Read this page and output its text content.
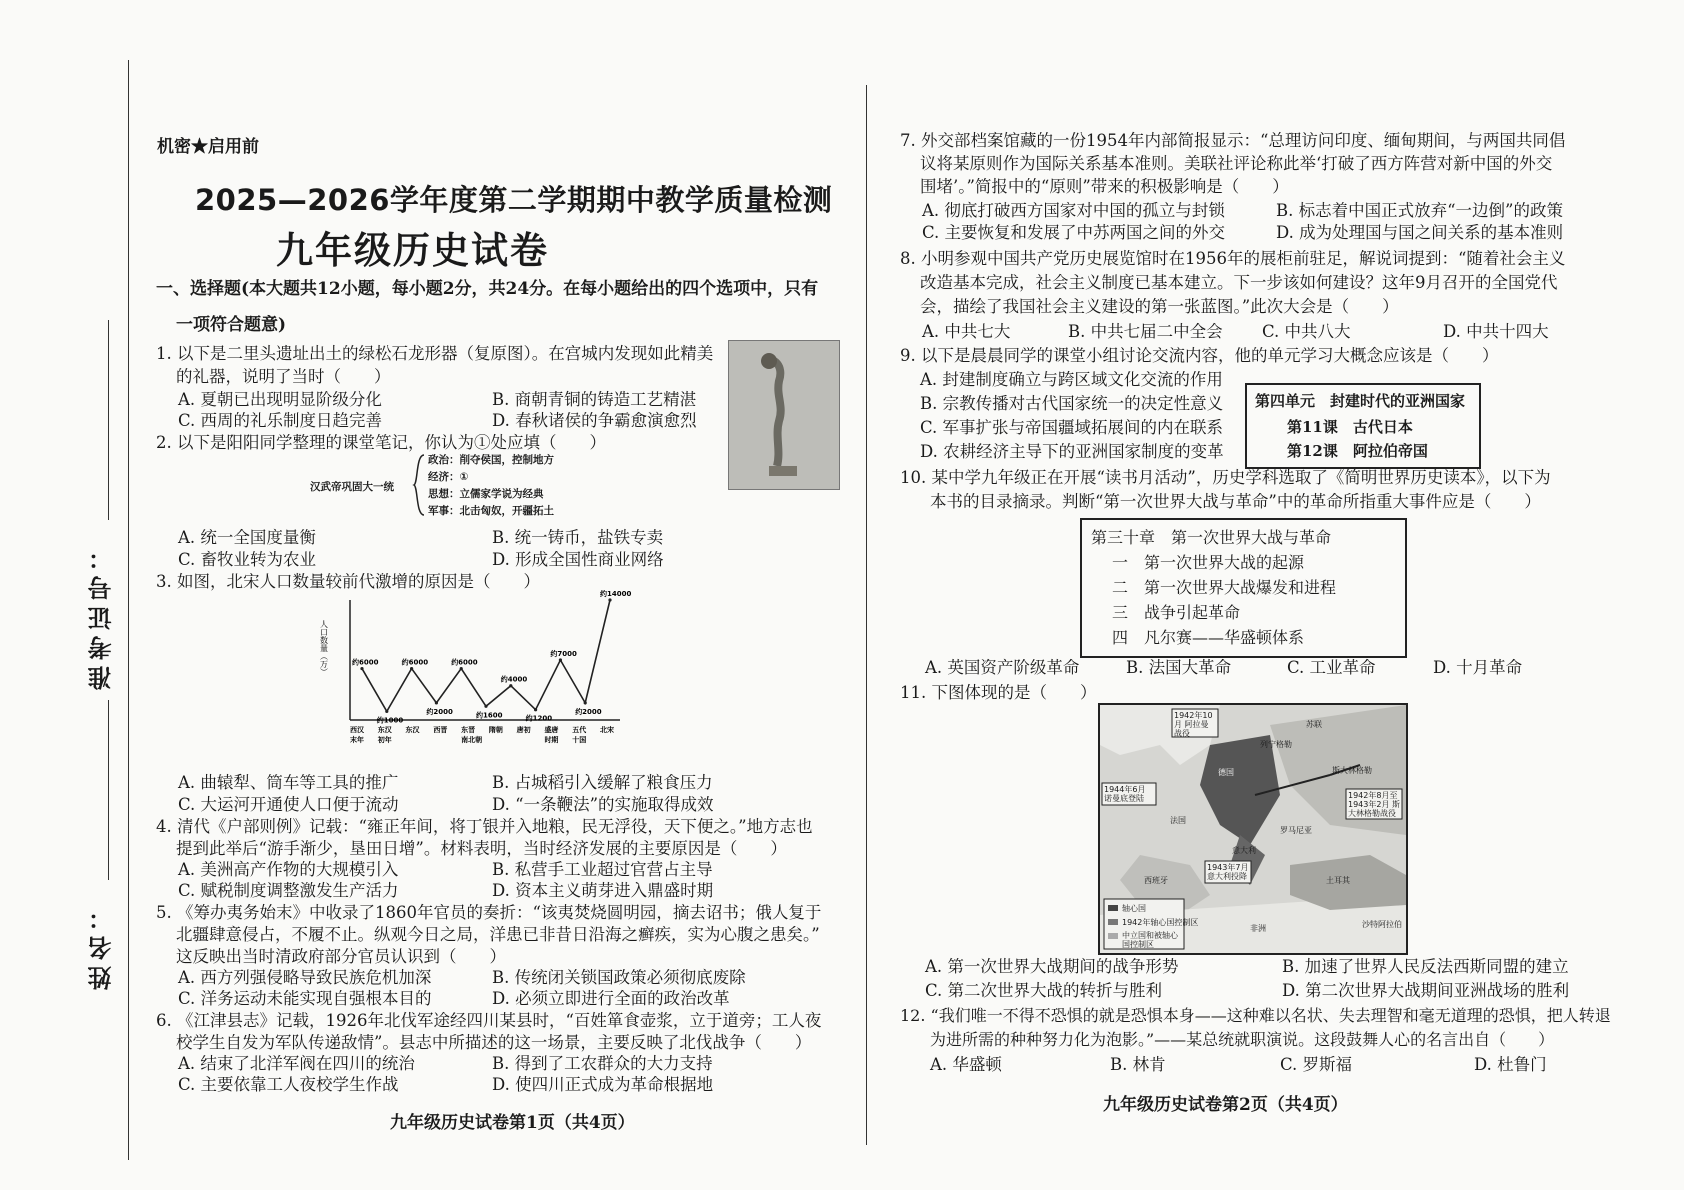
准考证号：
姓名：
机密★启用前
2025—2026学年度第二学期期中教学质量检测
九年级历史试卷
一、选择题(本大题共12小题，每小题2分，共24分。在每小题给出的四个选项中，只有
一项符合题意)
1. 以下是二里头遗址出土的绿松石龙形器（复原图）。在宫城内发现如此精美
的礼器，说明了当时（　　）
A. 夏朝已出现明显阶级分化	B. 商朝青铜的铸造工艺精湛
C. 西周的礼乐制度日趋完善	D. 春秋诸侯的争霸愈演愈烈
2. 以下是阳阳同学整理的课堂笔记，你认为①处应填（　　）
汉武帝巩固大一统
政治：削夺侯国，控制地方
经济：①
思想：立儒家学说为经典
军事：北击匈奴，开疆拓土
A. 统一全国度量衡	B. 统一铸币，盐铁专卖
C. 畜牧业转为农业	D. 形成全国性商业网络
3. 如图，北宋人口数量较前代激增的原因是（　　）
人口数量（万）	约6000
约1000
约6000
约2000
约6000
约1600
约4000
约1200
约7000
约2000
约14000
西汉
末年
东汉
初年
东汉 西晋 东晋
南北朝
隋朝 唐初 盛唐
时期
五代
十国
北宋
A. 曲辕犁、筒车等工具的推广	B. 占城稻引入缓解了粮食压力
C. 大运河开通使人口便于流动	D. “一条鞭法”的实施取得成效
4. 清代《户部则例》记载：“雍正年间，将丁银并入地粮，民无浮役，天下便之。”地方志也
提到此举后“游手渐少，垦田日增”。材料表明，当时经济发展的主要原因是（　　）
A. 美洲高产作物的大规模引入	B. 私营手工业超过官营占主导
C. 赋税制度调整激发生产活力	D. 资本主义萌芽进入鼎盛时期
5. 《筹办夷务始末》中收录了1860年官员的奏折：“该夷焚烧圆明园，摘去诏书；俄人复于
北疆肆意侵占，不履不止。纵观今日之局，洋患已非昔日沿海之癣疾，实为心腹之患矣。”
这反映出当时清政府部分官员认识到（　　）
A. 西方列强侵略导致民族危机加深	B. 传统闭关锁国政策必须彻底废除
C. 洋务运动未能实现自强根本目的	D. 必须立即进行全面的政治改革
6. 《江津县志》记载，1926年北伐军途经四川某县时，“百姓箪食壶浆，立于道旁；工人夜
校学生自发为军队传递敌情”。县志中所描述的这一场景，主要反映了北伐战争（　　）
A. 结束了北洋军阀在四川的统治	B. 得到了工农群众的大力支持
C. 主要依靠工人夜校学生作战	D. 使四川正式成为革命根据地
九年级历史试卷第1页（共4页）
7. 外交部档案馆藏的一份1954年内部简报显示：“总理访问印度、缅甸期间，与两国共同倡
议将某原则作为国际关系基本准则。美联社评论称此举‘打破了西方阵营对新中国的外交
围堵’。”简报中的“原则”带来的积极影响是（　　）
A. 彻底打破西方国家对中国的孤立与封锁	B. 标志着中国正式放弃“一边倒”的政策
C. 主要恢复和发展了中苏两国之间的外交	D. 成为处理国与国之间关系的基本准则
8. 小明参观中国共产党历史展览馆时在1956年的展柜前驻足，解说词提到：“随着社会主义
改造基本完成，社会主义制度已基本建立。下一步该如何建设？这年9月召开的全国党代
会，描绘了我国社会主义建设的第一张蓝图。”此次大会是（　　）
A. 中共七大	B. 中共七届二中全会 C. 中共八大	D. 中共十四大
9. 以下是晨晨同学的课堂小组讨论交流内容，他的单元学习大概念应该是（　　）
A. 封建制度确立与跨区域文化交流的作用
B. 宗教传播对古代国家统一的决定性意义
C. 军事扩张与帝国疆域拓展间的内在联系
D. 农耕经济主导下的亚洲国家制度的变革
第四单元　封建时代的亚洲国家
第11课　古代日本
第12课　阿拉伯帝国
10. 某中学九年级正在开展“读书月活动”，历史学科选取了《简明世界历史读本》，以下为
本书的目录摘录。判断“第一次世界大战与革命”中的革命所指重大事件应是（　　）
第三十章　第一次世界大战与革命
一　第一次世界大战的起源
二　第一次世界大战爆发和进程
三　战争引起革命
四　凡尔赛——华盛顿体系
A. 英国资产阶级革命	B. 法国大革命	C. 工业革命	D. 十月革命
11. 下图体现的是（　　）
苏联
列宁格勒
斯大林格勒
罗马尼亚
意大利
法国
德国
西班牙	土耳其
非洲	沙特阿拉伯
1942年8月至1943年2月 斯大林格勒战役
1944年6月 诺曼底登陆
1942年10月 阿拉曼战役
1943年7月 意大利投降
轴心国
1942年轴心国控制区
中立国和被轴心国控制区
A. 第一次世界大战期间的战争形势	B. 加速了世界人民反法西斯同盟的建立
C. 第二次世界大战的转折与胜利	D. 第二次世界大战期间亚洲战场的胜利
12. “我们唯一不得不恐惧的就是恐惧本身——这种难以名状、失去理智和毫无道理的恐惧，把人转退
为进所需的种种努力化为泡影。”——某总统就职演说。这段鼓舞人心的名言出自（　　）
A. 华盛顿	B. 林肯	C. 罗斯福	D. 杜鲁门
九年级历史试卷第2页（共4页）
